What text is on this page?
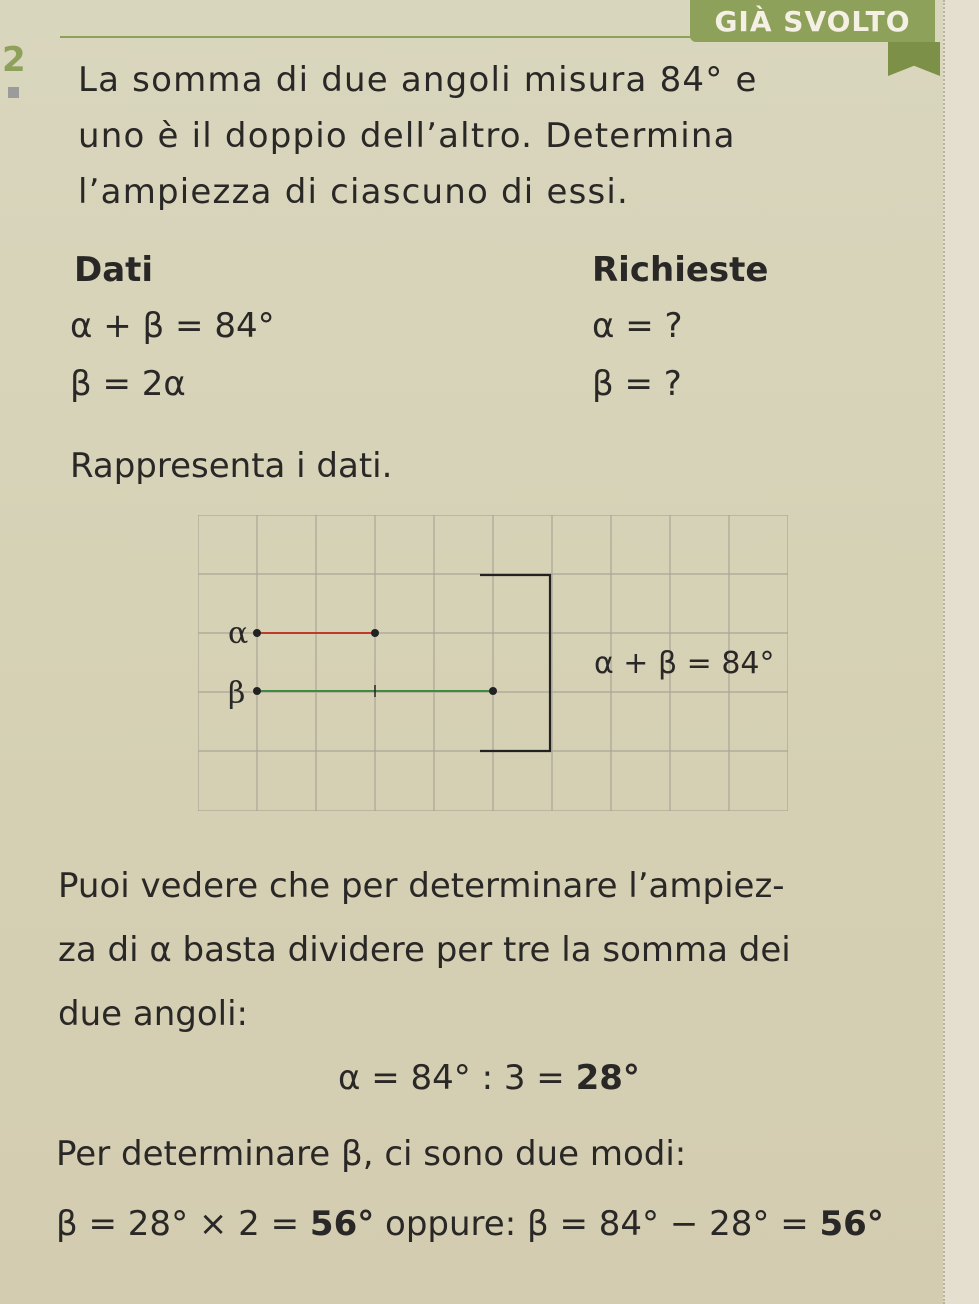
GIÀ SVOLTO
2 La somma di due angoli misura 84° e
uno è il doppio dell’altro. Determina
l’ampiezza di ciascuno di essi.
Dati	Richieste
α + β = 84°
β = 2α
α = ?
β = ?
Rappresenta i dati.
α
β
α + β = 84°
Puoi vedere che per determinare l’ampiez-
za di α basta dividere per tre la somma dei
due angoli:
α = 84° : 3 = 28°
Per determinare β, ci sono due modi:
β = 28° × 2 = 56° oppure: β = 84° − 28° = 56°
